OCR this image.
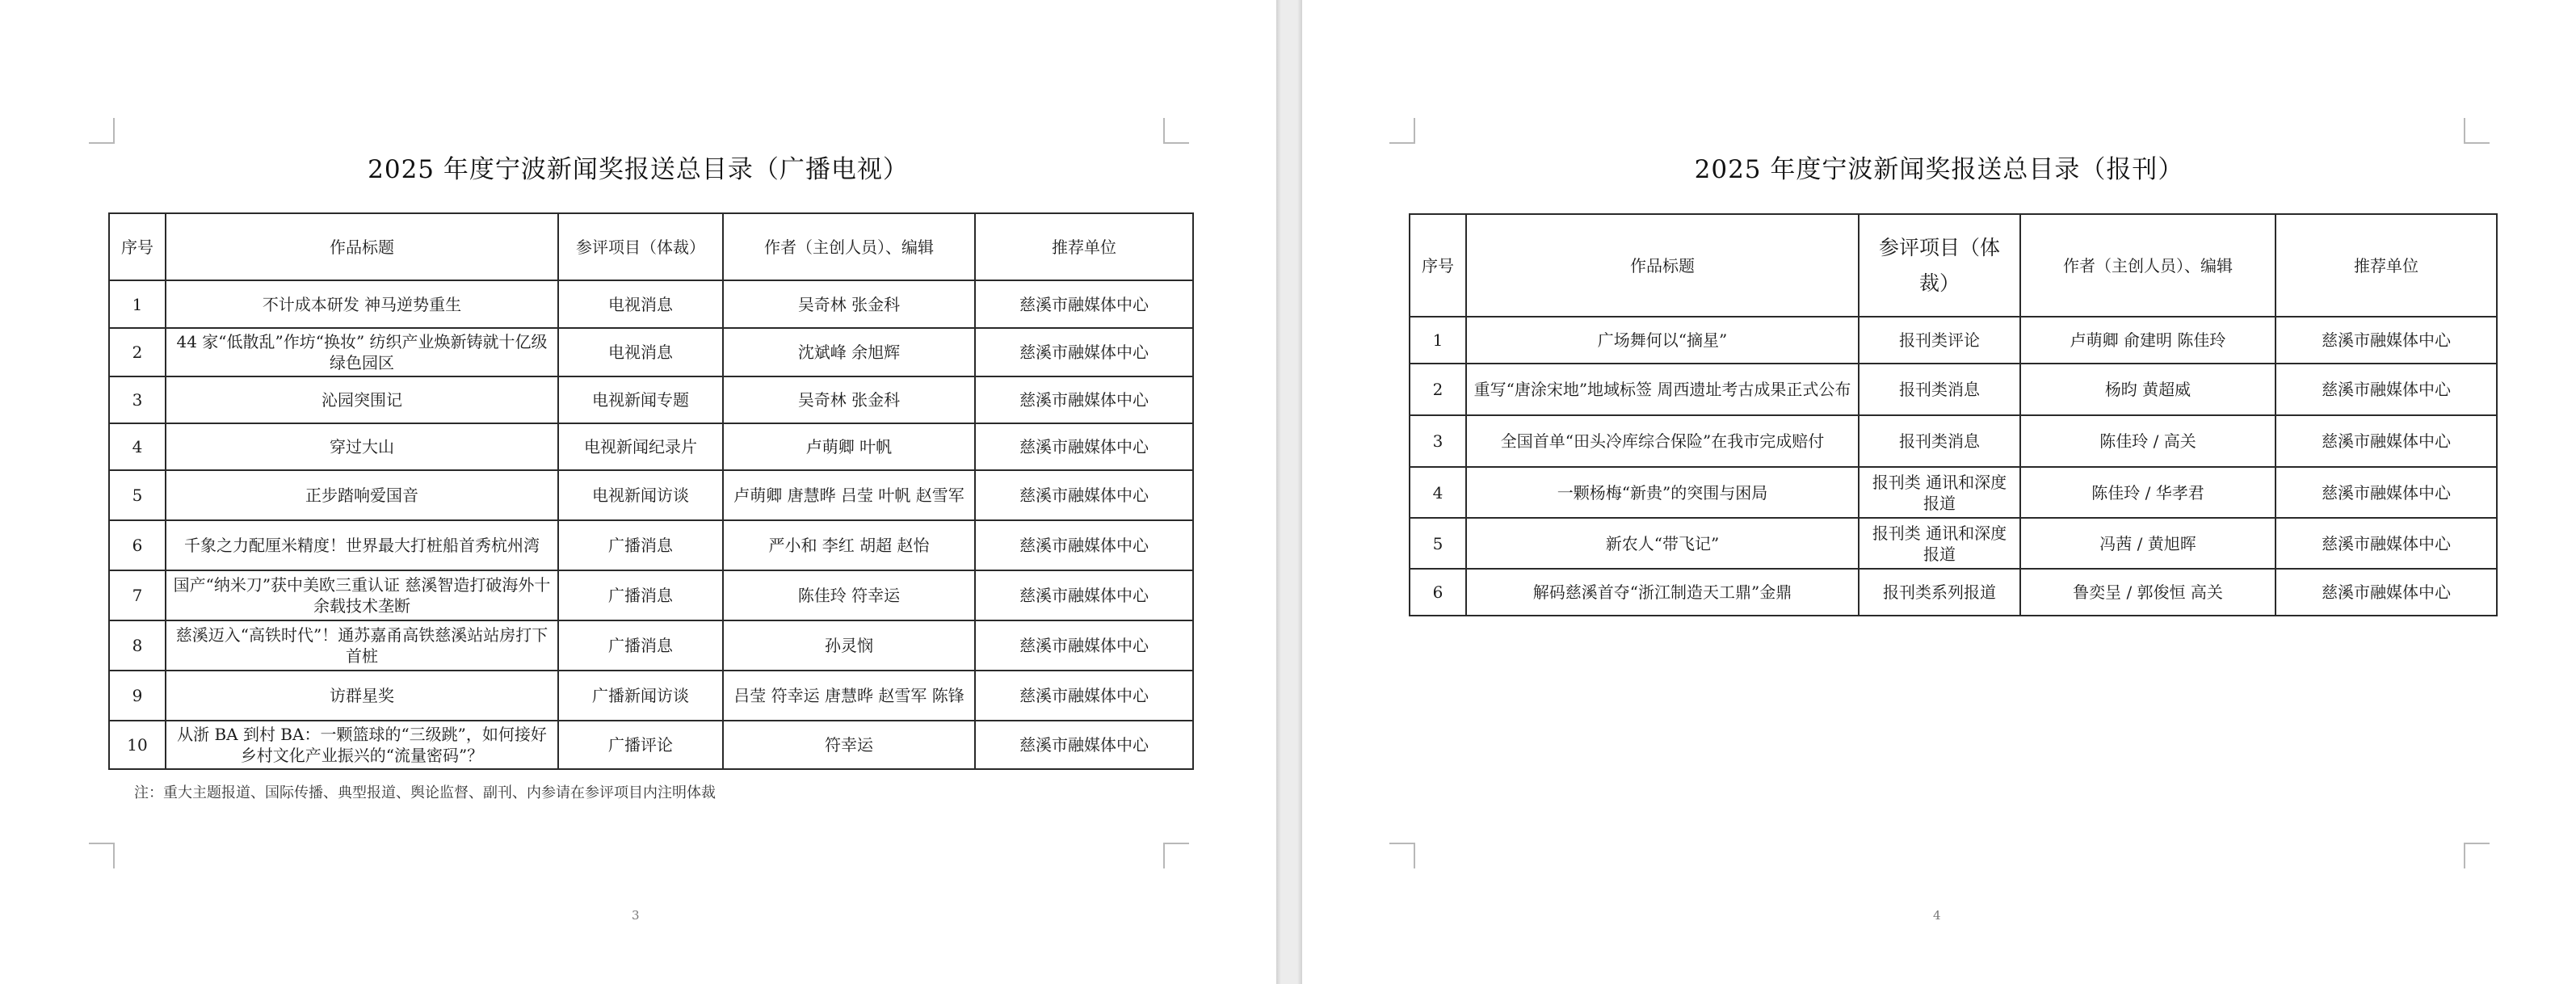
2025 年度宁波新闻奖报送总目录（广播电视）
序号	作品标题	参评项目（体裁）	作者（主创人员）、编辑	推荐单位
1	不计成本研发 神马逆势重生	电视消息	吴奇林 张金科	慈溪市融媒体中心
2	44 家“低散乱”作坊“换妆” 纺织产业焕新铸就十亿级绿色园区	电视消息	沈斌峰 余旭辉	慈溪市融媒体中心
3	沁园突围记	电视新闻专题	吴奇林 张金科	慈溪市融媒体中心
4	穿过大山	电视新闻纪录片	卢萌卿 叶帆	慈溪市融媒体中心
5	正步踏响爱国音	电视新闻访谈	卢萌卿 唐慧晔 吕莹 叶帆 赵雪军	慈溪市融媒体中心
6	千象之力配厘米精度！世界最大打桩船首秀杭州湾	广播消息	严小和 李红 胡超 赵怡	慈溪市融媒体中心
7	国产“纳米刀”获中美欧三重认证 慈溪智造打破海外十余载技术垄断	广播消息	陈佳玲 符幸运	慈溪市融媒体中心
8	慈溪迈入“高铁时代”！通苏嘉甬高铁慈溪站站房打下首桩	广播消息	孙灵悯	慈溪市融媒体中心
9	访群星奖	广播新闻访谈	吕莹 符幸运 唐慧晔 赵雪军 陈锋	慈溪市融媒体中心
10	从浙 BA 到村 BA：一颗篮球的“三级跳”，如何接好乡村文化产业振兴的“流量密码”？	广播评论	符幸运	慈溪市融媒体中心
注：重大主题报道、国际传播、典型报道、舆论监督、副刊、内参请在参评项目内注明体裁
3
2025 年度宁波新闻奖报送总目录（报刊）
4
序号	作品标题	参评项目（体裁）	作者（主创人员）、编辑	推荐单位
1	广场舞何以“摘星”	报刊类评论	卢萌卿 俞建明 陈佳玲	慈溪市融媒体中心
2	重写“唐涂宋地”地域标签 周西遗址考古成果正式公布	报刊类消息	杨昀 黄超威	慈溪市融媒体中心
3	全国首单“田头冷库综合保险”在我市完成赔付	报刊类消息	陈佳玲 / 高关	慈溪市融媒体中心
4	一颗杨梅“新贵”的突围与困局	报刊类 通讯和深度报道	陈佳玲 / 华孝君	慈溪市融媒体中心
5	新农人“带飞记”	报刊类 通讯和深度报道	冯茜 / 黄旭晖	慈溪市融媒体中心
6	解码慈溪首夺“浙江制造天工鼎”金鼎	报刊类系列报道	鲁奕呈 / 郭俊恒 高关	慈溪市融媒体中心
